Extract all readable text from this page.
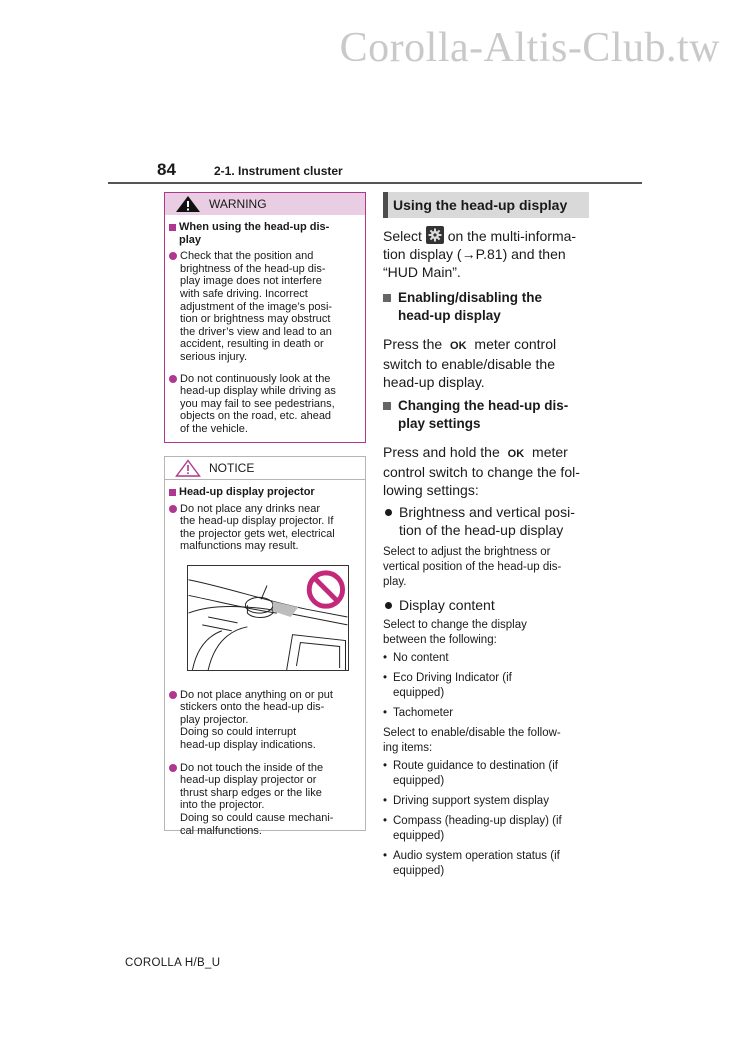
Corolla-Altis-Club.tw
84	2-1. Instrument cluster
WARNING
When using the head-up dis-
play
Check that the position and
brightness of the head-up dis-
play image does not interfere
with safe driving. Incorrect
adjustment of the image’s posi-
tion or brightness may obstruct
the driver’s view and lead to an
accident, resulting in death or
serious injury.
Do not continuously look at the
head-up display while driving as
you may fail to see pedestrians,
objects on the road, etc. ahead
of the vehicle.
NOTICE
Head-up display projector
Do not place any drinks near
the head-up display projector. If
the projector gets wet, electrical
malfunctions may result.
Do not place anything on or put
stickers onto the head-up dis-
play projector.
Doing so could interrupt
head-up display indications.
Do not touch the inside of the
head-up display projector or
thrust sharp edges or the like
into the projector.
Doing so could cause mechani-
cal malfunctions.
Using the head-up display
Select on the multi-informa-
tion display (→P.81) and then
“HUD Main”.
Enabling/disabling the
head-up display
Press the OK meter control
switch to enable/disable the
head-up display.
Changing the head-up dis-
play settings
Press and hold the OK meter
control switch to change the fol-
lowing settings:
Brightness and vertical posi-
tion of the head-up display
Select to adjust the brightness or
vertical position of the head-up dis-
play.
Display content
Select to change the display
between the following:
• No content
• Eco Driving Indicator (if
equipped)
• Tachometer
Select to enable/disable the follow-
ing items:
• Route guidance to destination (if
equipped)
• Driving support system display
• Compass (heading-up display) (if
equipped)
• Audio system operation status (if
equipped)
COROLLA H/B_U
